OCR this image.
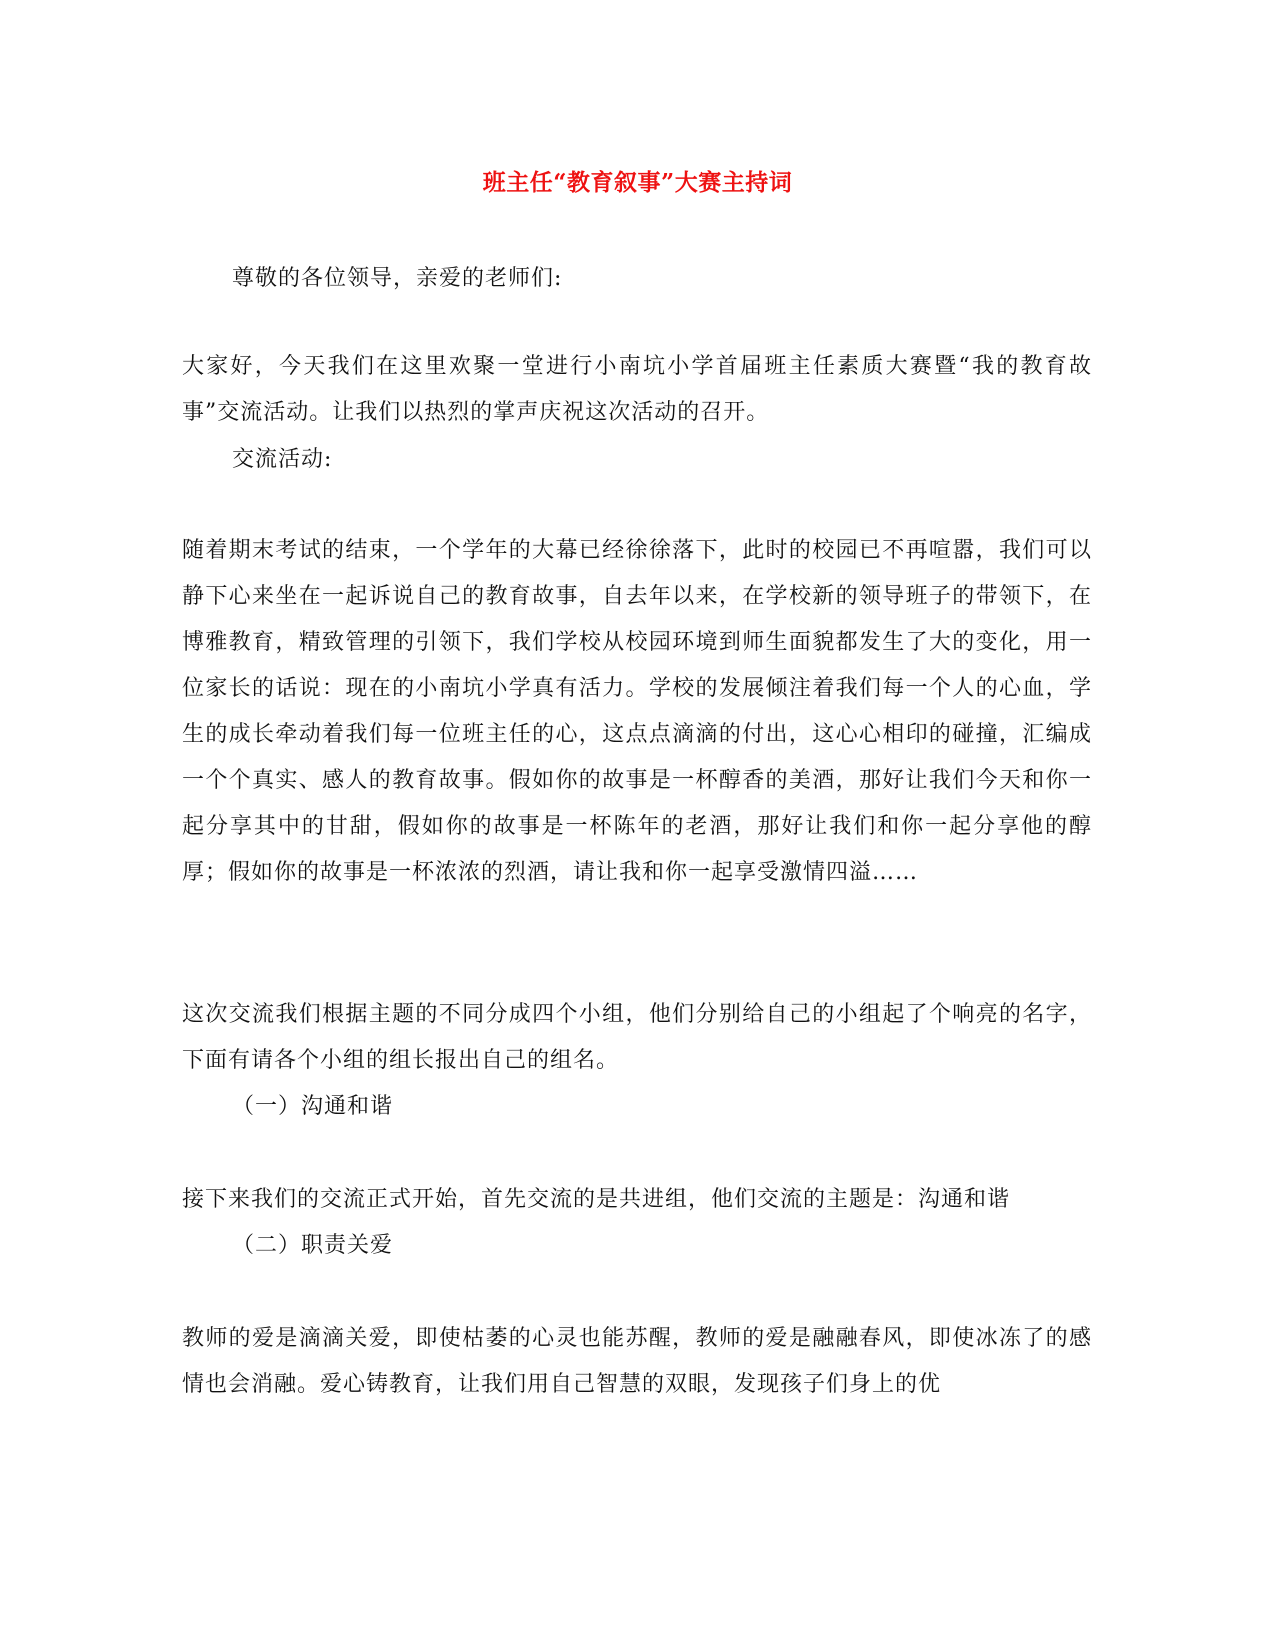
班主任“教育叙事”大赛主持词

尊敬的各位领导，亲爱的老师们:

大家好，今天我们在这里欢聚一堂进行小南坑小学首届班主任素质大赛暨“我的教育故事”交流活动。让我们以热烈的掌声庆祝这次活动的召开。

交流活动:

随着期末考试的结束，一个学年的大幕已经徐徐落下，此时的校园已不再喧嚣，我们可以静下心来坐在一起诉说自己的教育故事，自去年以来，在学校新的领导班子的带领下，在博雅教育，精致管理的引领下，我们学校从校园环境到师生面貌都发生了大的变化，用一位家长的话说：现在的小南坑小学真有活力。学校的发展倾注着我们每一个人的心血，学生的成长牵动着我们每一位班主任的心，这点点滴滴的付出，这心心相印的碰撞，汇编成一个个真实、感人的教育故事。假如你的故事是一杯醇香的美酒，那好让我们今天和你一起分享其中的甘甜，假如你的故事是一杯陈年的老酒，那好让我们和你一起分享他的醇厚；假如你的故事是一杯浓浓的烈酒，请让我和你一起享受激情四溢……

这次交流我们根据主题的不同分成四个小组，他们分别给自己的小组起了个响亮的名字，下面有请各个小组的组长报出自己的组名。

（一）沟通和谐

接下来我们的交流正式开始，首先交流的是共进组，他们交流的主题是：沟通和谐

（二）职责关爱

教师的爱是滴滴关爱，即使枯萎的心灵也能苏醒，教师的爱是融融春风，即使冰冻了的感情也会消融。爱心铸教育，让我们用自己智慧的双眼，发现孩子们身上的优
